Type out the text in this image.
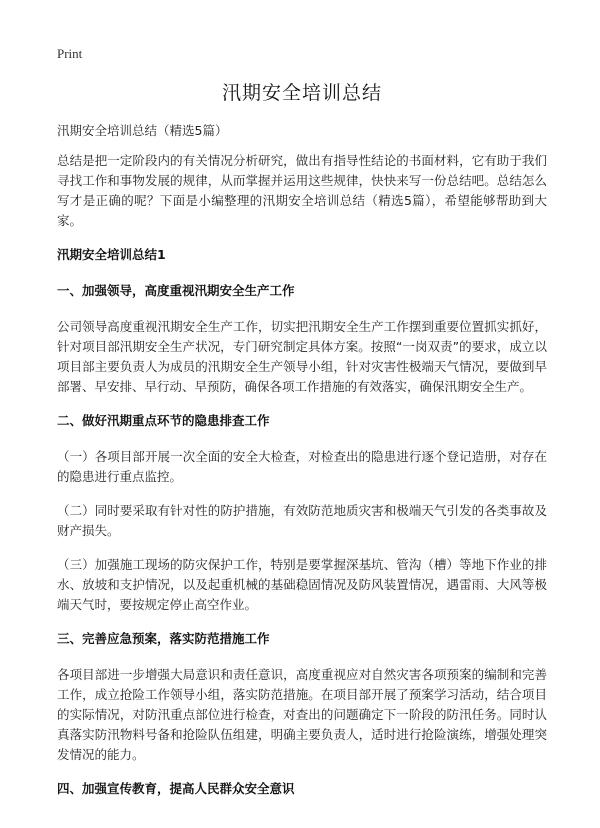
Print
汛期安全培训总结
汛期安全培训总结（精选5篇）

总结是把一定阶段内的有关情况分析研究，做出有指导性结论的书面材料，它有助于我们寻找工作和事物发展的规律，从而掌握并运用这些规律，快快来写一份总结吧。总结怎么写才是正确的呢？下面是小编整理的汛期安全培训总结（精选5篇），希望能够帮助到大家。

汛期安全培训总结1
一、加强领导，高度重视汛期安全生产工作

公司领导高度重视汛期安全生产工作，切实把汛期安全生产工作摆到重要位置抓实抓好，针对项目部汛期安全生产状况，专门研究制定具体方案。按照“一岗双责”的要求，成立以项目部主要负责人为成员的汛期安全生产领导小组，针对灾害性极端天气情况，要做到早部署、早安排、早行动、早预防，确保各项工作措施的有效落实，确保汛期安全生产。

二、做好汛期重点环节的隐患排查工作

（一）各项目部开展一次全面的安全大检查，对检查出的隐患进行逐个登记造册，对存在的隐患进行重点监控。

（二）同时要采取有针对性的防护措施，有效防范地质灾害和极端天气引发的各类事故及财产损失。

（三）加强施工现场的防灾保护工作，特别是要掌握深基坑、管沟（槽）等地下作业的排水、放坡和支护情况，以及起重机械的基础稳固情况及防风装置情况，遇雷雨、大风等极端天气时，要按规定停止高空作业。

三、完善应急预案，落实防范措施工作

各项目部进一步增强大局意识和责任意识，高度重视应对自然灾害各项预案的编制和完善工作，成立抢险工作领导小组，落实防范措施。在项目部开展了预案学习活动，结合项目的实际情况，对防汛重点部位进行检查，对查出的问题确定下一阶段的防汛任务。同时认真落实防汛物料号备和抢险队伍组建，明确主要负责人，适时进行抢险演练，增强处理突发情况的能力。

四、加强宣传教育，提高人民群众安全意识
